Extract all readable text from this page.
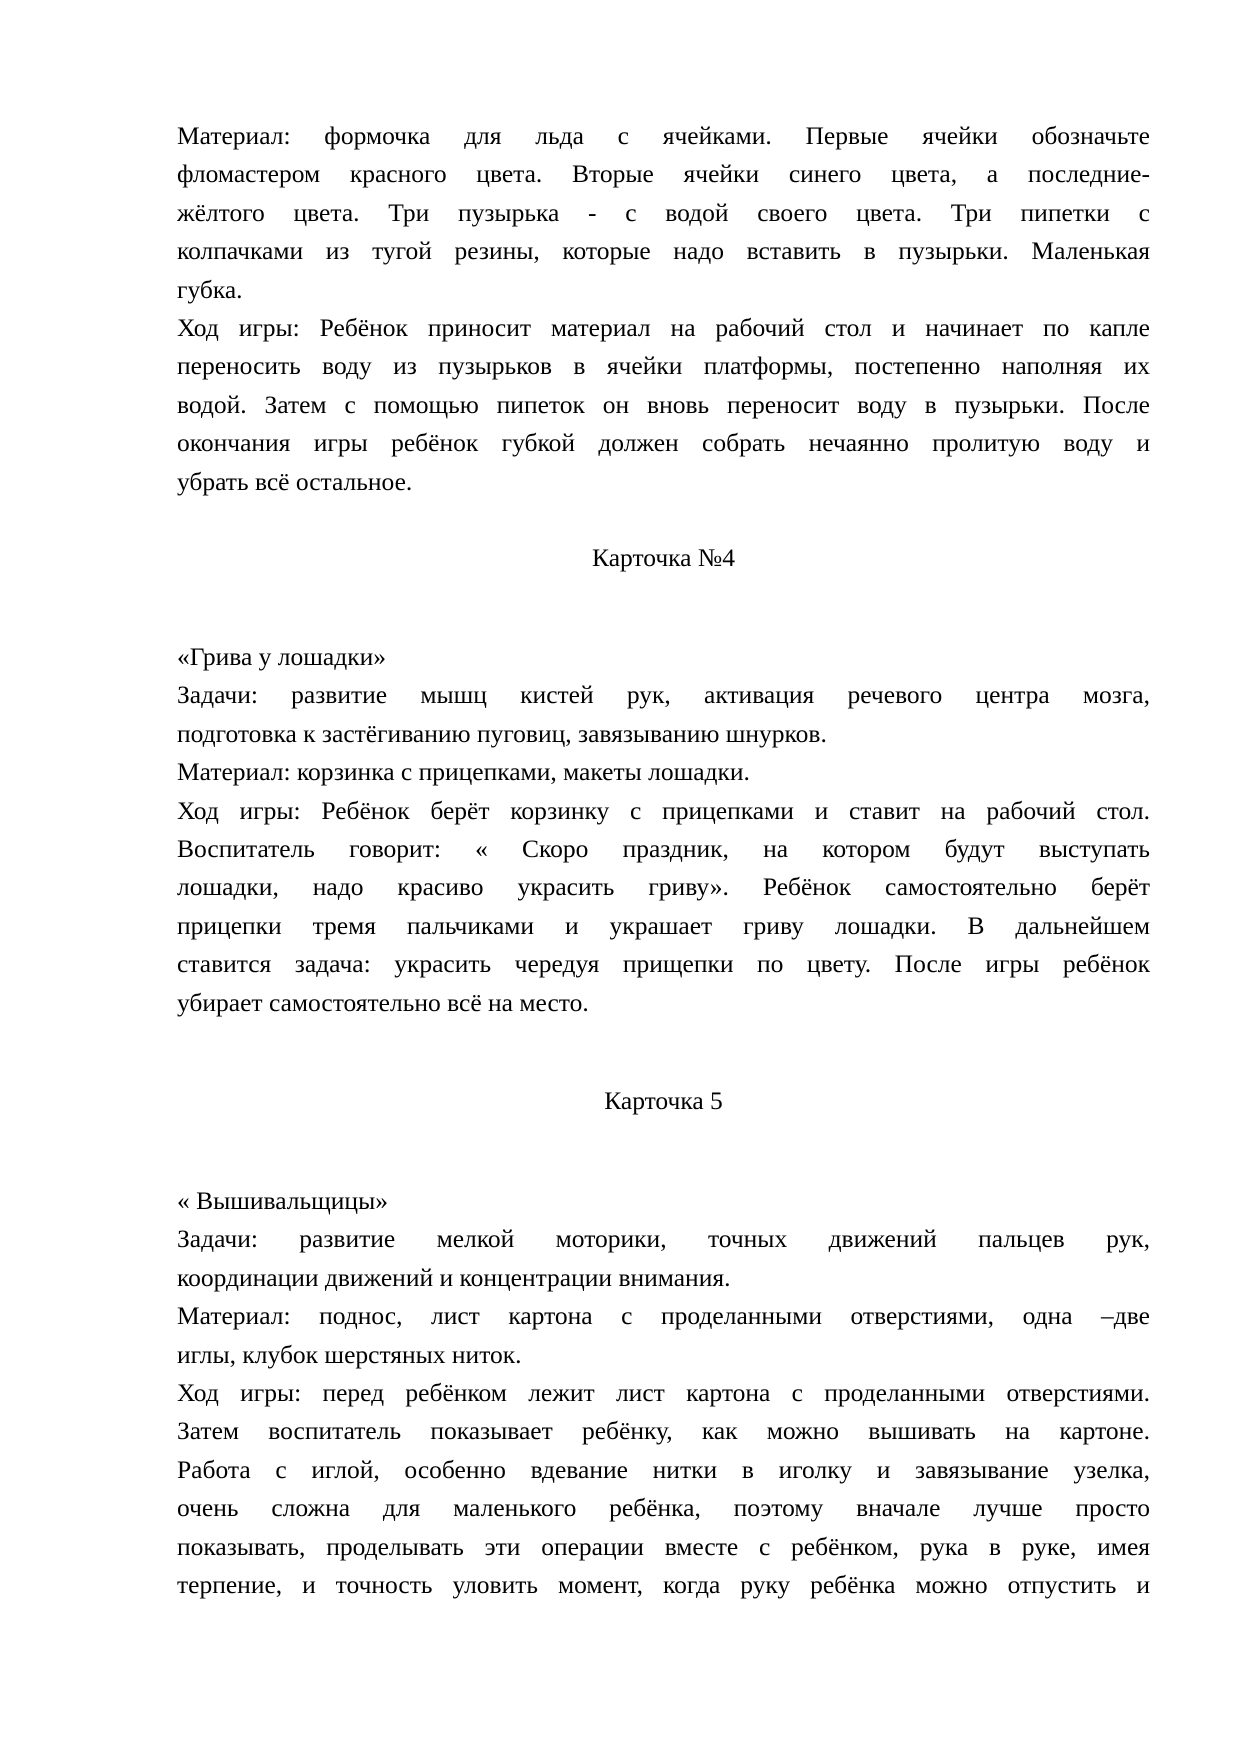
Материал: формочка для льда с ячейками. Первые ячейки обозначьте
фломастером красного цвета. Вторые ячейки синего цвета, а последние-
жёлтого цвета. Три пузырька - с водой своего цвета. Три пипетки с
колпачками из тугой резины, которые надо вставить в пузырьки. Маленькая
губка.
Ход игры: Ребёнок приносит материал на рабочий стол и начинает по капле
переносить воду из пузырьков в ячейки платформы, постепенно наполняя их
водой. Затем с помощью пипеток он вновь переносит воду в пузырьки. После
окончания игры ребёнок губкой должен собрать нечаянно пролитую воду и
убрать всё остальное.
Карточка №4
«Грива у лошадки»
Задачи: развитие мышц кистей рук, активация речевого центра мозга,
подготовка к застёгиванию пуговиц, завязыванию шнурков.
Материал: корзинка с прицепками, макеты лошадки.
Ход игры: Ребёнок берёт корзинку с прицепками и ставит на рабочий стол.
Воспитатель говорит: « Скоро праздник, на котором будут выступать
лошадки, надо красиво украсить гриву». Ребёнок самостоятельно берёт
прицепки тремя пальчиками и украшает гриву лошадки. В дальнейшем
ставится задача: украсить чередуя прищепки по цвету. После игры ребёнок
убирает самостоятельно всё на место.
Карточка 5
« Вышивальщицы»
Задачи: развитие мелкой моторики, точных движений пальцев рук,
координации движений и концентрации внимания.
Материал: поднос, лист картона с проделанными отверстиями, одна –две
иглы, клубок шерстяных ниток.
Ход игры: перед ребёнком лежит лист картона с проделанными отверстиями.
Затем воспитатель показывает ребёнку, как можно вышивать на картоне.
Работа с иглой, особенно вдевание нитки в иголку и завязывание узелка,
очень сложна для маленького ребёнка, поэтому вначале лучше просто
показывать, проделывать эти операции вместе с ребёнком, рука в руке, имея
терпение, и точность уловить момент, когда руку ребёнка можно отпустить и
